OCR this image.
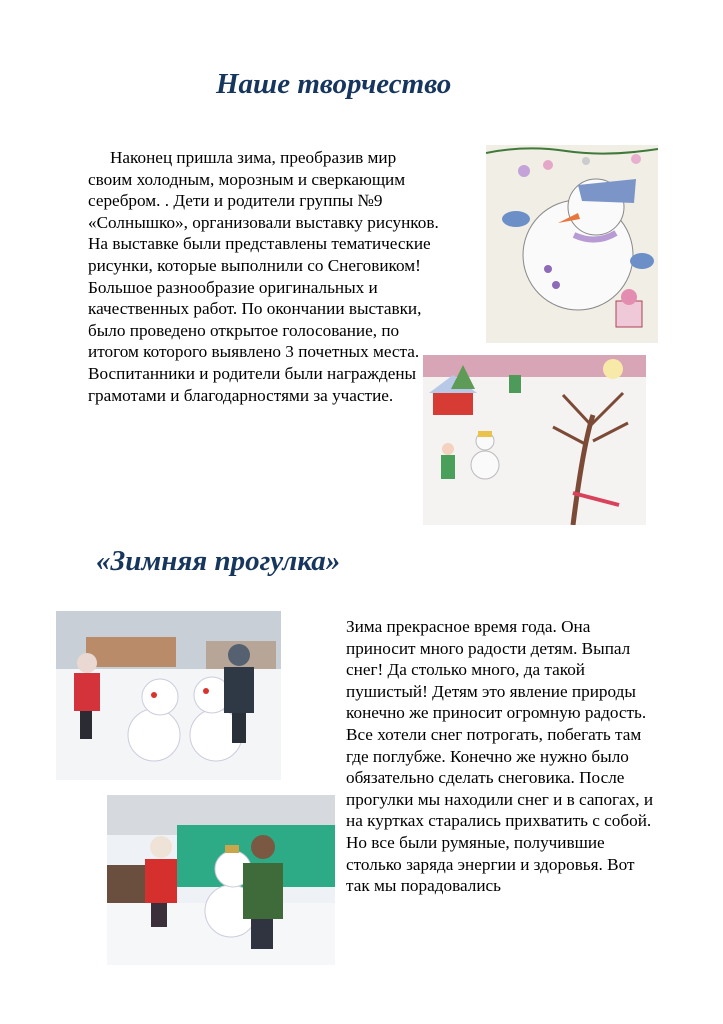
Наше творчество

Наконец пришла зима, преобразив мир своим холодным, морозным и сверкающим серебром. . Дети и родители группы №9 «Солнышко», организовали выставку рисунков. На выставке были представлены тематические рисунки, которые выполнили со Снеговиком! Большое разнообразие оригинальных и качественных работ. По окончании выставки, было проведено открытое голосование, по итогом которого выявлено 3 почетных места. Воспитанники и родители были награждены грамотами и благодарностями за участие.

«Зимняя прогулка»

Зима прекрасное время года. Она приносит много радости детям. Выпал снег! Да столько много, да такой пушистый! Детям это явление природы конечно же приносит огромную радость. Все хотели снег потрогать, побегать там где поглубже. Конечно же нужно было обязательно сделать снеговика. После прогулки мы находили снег и в сапогах, и на куртках старались прихватить с собой. Но все были румяные, получившие столько заряда энергии и здоровья. Вот так мы порадовались
